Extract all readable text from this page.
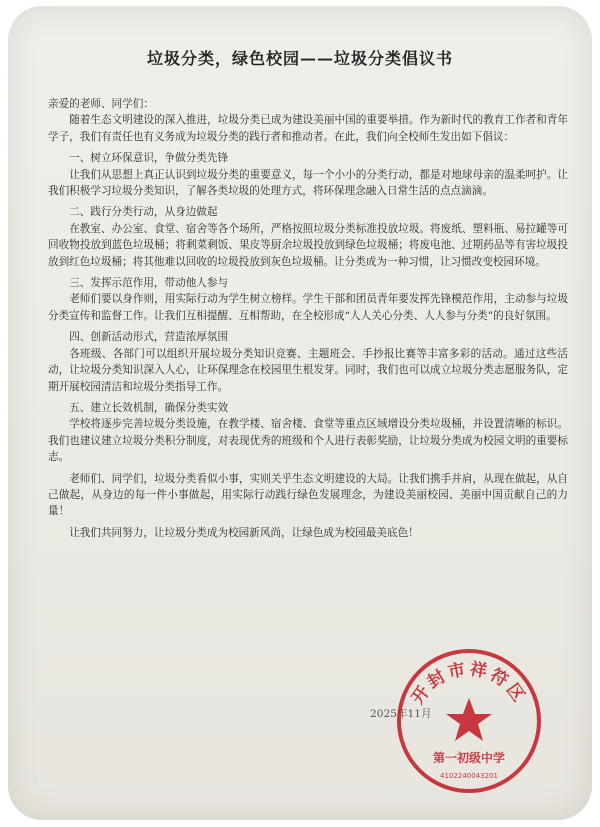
垃圾分类，绿色校园——垃圾分类倡议书

亲爱的老师、同学们：

随着生态文明建设的深入推进，垃圾分类已成为建设美丽中国的重要举措。作为新时代的教育工作者和青年学子，我们有责任也有义务成为垃圾分类的践行者和推动者。在此，我们向全校师生发出如下倡议：

一、树立环保意识，争做分类先锋

让我们从思想上真正认识到垃圾分类的重要意义，每一个小小的分类行动，都是对地球母亲的温柔呵护。让我们积极学习垃圾分类知识，了解各类垃圾的处理方式，将环保理念融入日常生活的点点滴滴。

二、践行分类行动，从身边做起

在教室、办公室、食堂、宿舍等各个场所，严格按照垃圾分类标准投放垃圾。将废纸、塑料瓶、易拉罐等可回收物投放到蓝色垃圾桶；将剩菜剩饭、果皮等厨余垃圾投放到绿色垃圾桶；将废电池、过期药品等有害垃圾投放到红色垃圾桶；将其他难以回收的垃圾投放到灰色垃圾桶。让分类成为一种习惯，让习惯改变校园环境。

三、发挥示范作用，带动他人参与

老师们要以身作则，用实际行动为学生树立榜样。学生干部和团员青年要发挥先锋模范作用，主动参与垃圾分类宣传和监督工作。让我们互相提醒、互相帮助，在全校形成“人人关心分类、人人参与分类”的良好氛围。

四、创新活动形式，营造浓厚氛围

各班级、各部门可以组织开展垃圾分类知识竞赛、主题班会、手抄报比赛等丰富多彩的活动。通过这些活动，让垃圾分类知识深入人心，让环保理念在校园里生根发芽。同时，我们也可以成立垃圾分类志愿服务队，定期开展校园清洁和垃圾分类指导工作。

五、建立长效机制，确保分类实效

学校将逐步完善垃圾分类设施，在教学楼、宿舍楼、食堂等重点区域增设分类垃圾桶，并设置清晰的标识。我们也建议建立垃圾分类积分制度，对表现优秀的班级和个人进行表彰奖励，让垃圾分类成为校园文明的重要标志。

老师们、同学们，垃圾分类看似小事，实则关乎生态文明建设的大局。让我们携手并肩，从现在做起，从自己做起，从身边的每一件小事做起，用实际行动践行绿色发展理念，为建设美丽校园、美丽中国贡献自己的力量！

让我们共同努力，让垃圾分类成为校园新风尚，让绿色成为校园最美底色！

2025年11月
开封市祥符区
第一初级中学
4102240043201
